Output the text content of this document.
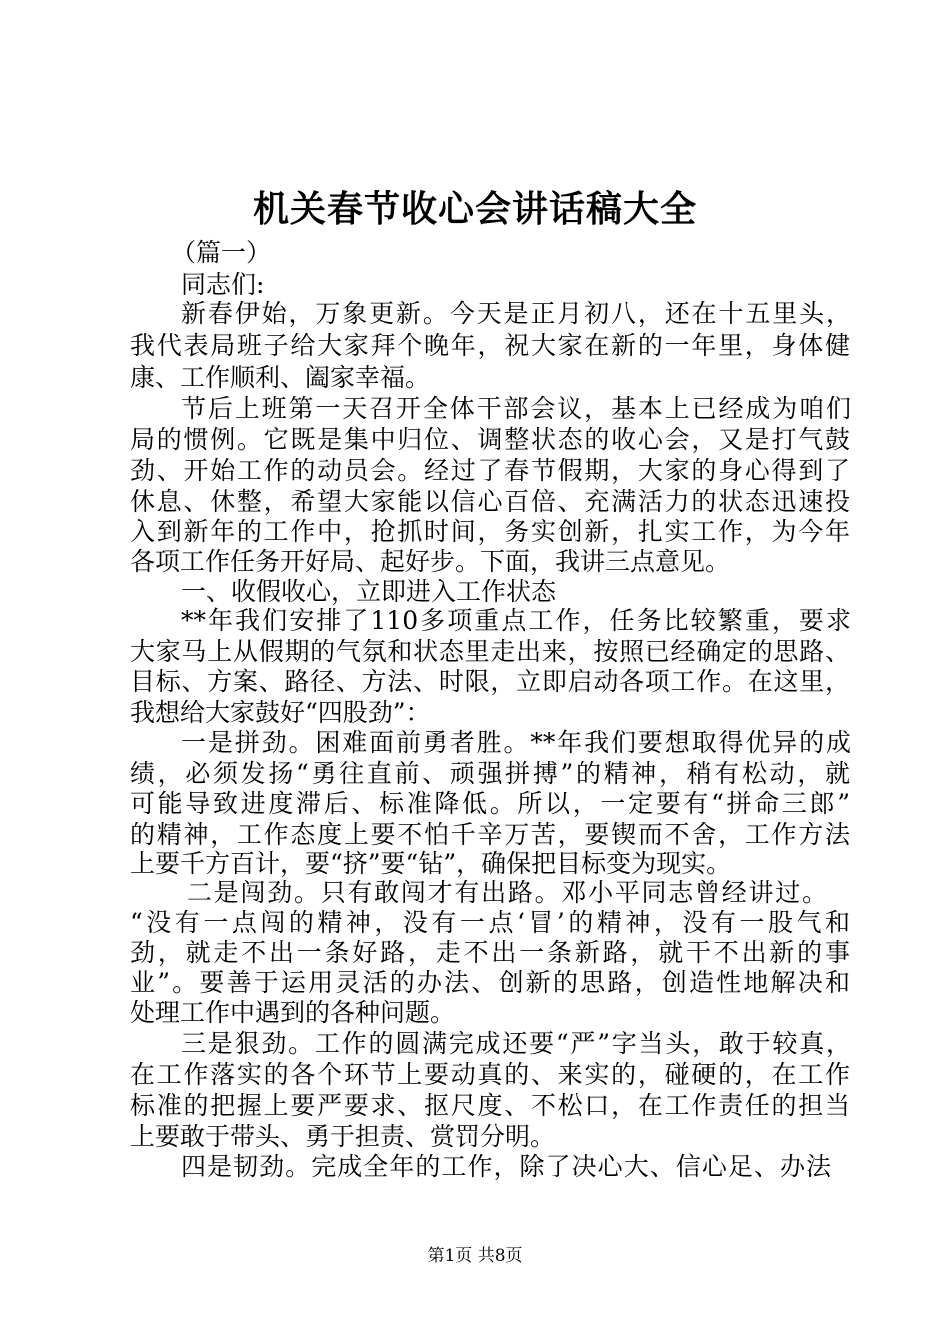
机关春节收心会讲话稿大全
（篇一）
同志们:
新春伊始，万象更新。今天是正月初八，还在十五里头，
我代表局班子给大家拜个晚年，祝大家在新的一年里，身体健
康、工作顺利、阖家幸福。
节后上班第一天召开全体干部会议，基本上已经成为咱们
局的惯例。它既是集中归位、调整状态的收心会，又是打气鼓
劲、开始工作的动员会。经过了春节假期，大家的身心得到了
休息、休整，希望大家能以信心百倍、充满活力的状态迅速投
入到新年的工作中，抢抓时间，务实创新，扎实工作，为今年
各项工作任务开好局、起好步。下面，我讲三点意见。
一、收假收心，立即进入工作状态
**年我们安排了110多项重点工作，任务比较繁重，要求
大家马上从假期的气氛和状态里走出来，按照已经确定的思路、
目标、方案、路径、方法、时限，立即启动各项工作。在这里，
我想给大家鼓好“四股劲”：
一是拼劲。困难面前勇者胜。**年我们要想取得优异的成
绩，必须发扬“勇往直前、顽强拼搏”的精神，稍有松动，就
可能导致进度滞后、标准降低。所以，一定要有“拼命三郎”
的精神，工作态度上要不怕千辛万苦，要锲而不舍，工作方法
上要千方百计，要“挤”要“钻”，确保把目标变为现实。
二是闯劲。只有敢闯才有出路。邓小平同志曾经讲过。
“没有一点闯的精神，没有一点‘冒’的精神，没有一股气和
劲，就走不出一条好路，走不出一条新路，就干不出新的事
业”。要善于运用灵活的办法、创新的思路，创造性地解决和
处理工作中遇到的各种问题。
三是狠劲。工作的圆满完成还要“严”字当头，敢于较真，
在工作落实的各个环节上要动真的、来实的，碰硬的，在工作
标准的把握上要严要求、抠尺度、不松口，在工作责任的担当
上要敢于带头、勇于担责、赏罚分明。
四是韧劲。完成全年的工作，除了决心大、信心足、办法
第1页 共8页
